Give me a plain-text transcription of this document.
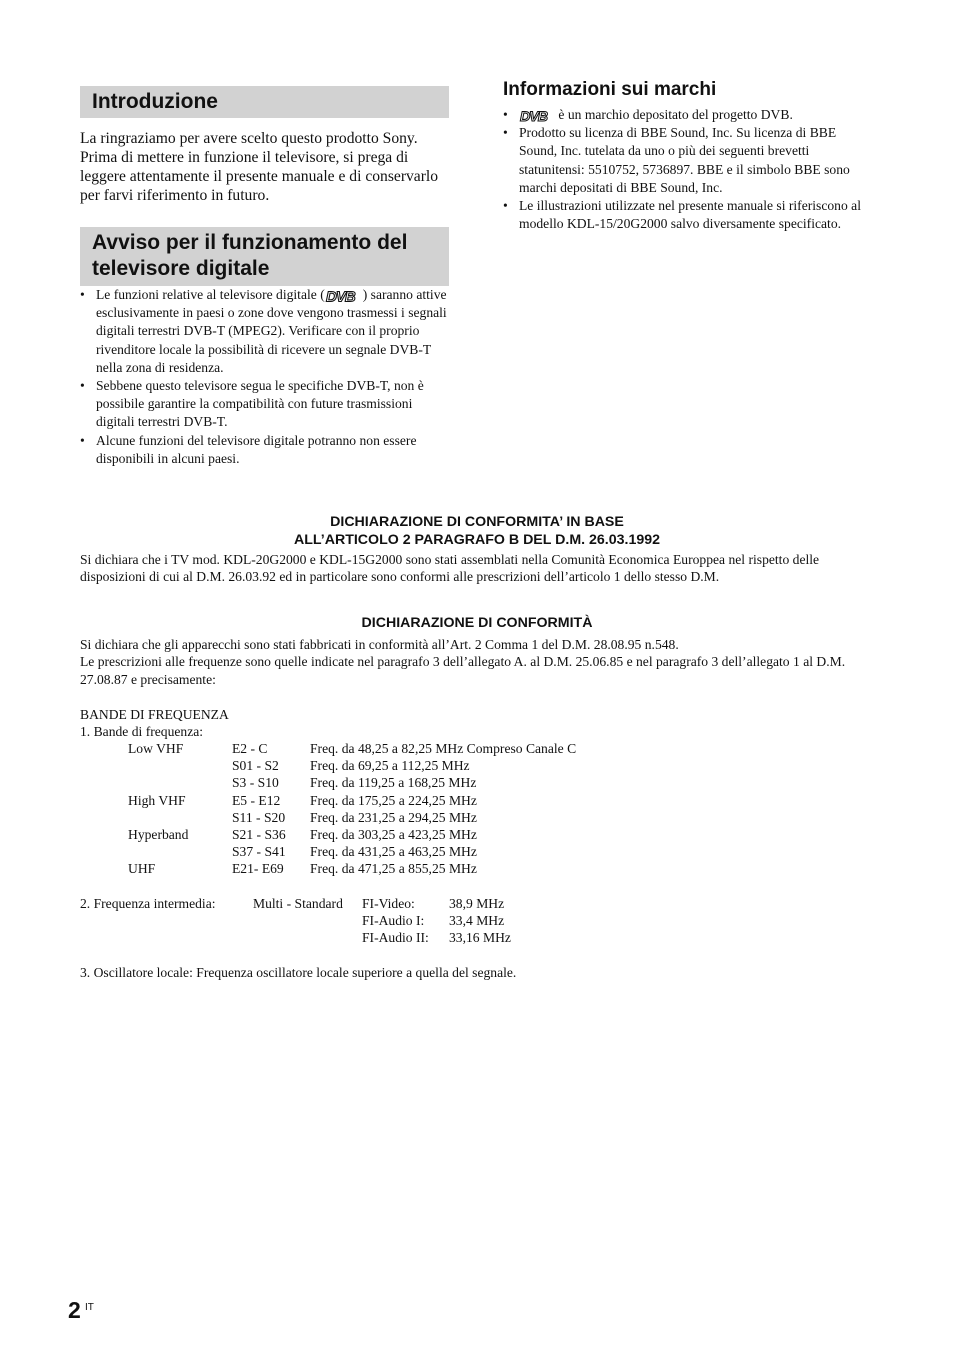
Introduzione

La ringraziamo per avere scelto questo prodotto Sony. Prima di mettere in funzione il televisore, si prega di leggere attentamente il presente manuale e di conservarlo per farvi riferimento in futuro.

Avviso per il funzionamento del
televisore digitale
• Le funzioni relative al televisore digitale ( DVB ) saranno attive esclusivamente in paesi o zone dove vengono trasmessi i segnali digitali terrestri DVB-T (MPEG2). Verificare con il proprio rivenditore locale la possibilità di ricevere un segnale DVB-T nella zona di residenza.
• Sebbene questo televisore segua le specifiche DVB-T, non è possibile garantire la compatibilità con future trasmissioni digitali terrestri DVB-T.
• Alcune funzioni del televisore digitale potranno non essere disponibili in alcuni paesi.
Informazioni sui marchi
• DVB è un marchio depositato del progetto DVB.
• Prodotto su licenza di BBE Sound, Inc. Su licenza di BBE Sound, Inc. tutelata da uno o più dei seguenti brevetti statunitensi: 5510752, 5736897. BBE e il simbolo BBE sono marchi depositati di BBE Sound, Inc.
• Le illustrazioni utilizzate nel presente manuale si riferiscono al modello KDL-15/20G2000 salvo diversamente specificato.
DICHIARAZIONE DI CONFORMITA’ IN BASE
ALL’ARTICOLO 2 PARAGRAFO B DEL D.M. 26.03.1992
Si dichiara che i TV mod. KDL-20G2000 e KDL-15G2000 sono stati assemblati nella Comunità Economica Europpea nel rispetto delle disposizioni di cui al D.M. 26.03.92 ed in particolare sono conformi alle prescrizioni dell’articolo 1 dello stesso D.M.
DICHIARAZIONE DI CONFORMITÀ
Si dichiara che gli apparecchi sono stati fabbricati in conformità all’Art. 2 Comma 1 del D.M. 28.08.95 n.548.
Le prescrizioni alle frequenze sono quelle indicate nel paragrafo 3 dell’allegato A. al D.M. 25.06.85 e nel paragrafo 3 dell’allegato 1 al D.M. 27.08.87 e precisamente:
BANDE DI FREQUENZA
1. Bande di frequenza:
Low VHF	E2 - C	Freq. da 48,25 a 82,25 MHz Compreso Canale C
S01 - S2 Freq. da 69,25 a 112,25 MHz
S3 - S10 Freq. da 119,25 a 168,25 MHz
High VHF	E5 - E12 Freq. da 175,25 a 224,25 MHz
S11 - S20 Freq. da 231,25 a 294,25 MHz
Hyperband	S21 - S36 Freq. da 303,25 a 423,25 MHz
S37 - S41 Freq. da 431,25 a 463,25 MHz
UHF	E21- E69 Freq. da 471,25 a 855,25 MHz
2. Frequenza intermedia:	Multi - Standard FI-Video:	38,9 MHz
FI-Audio I: 33,4 MHz
FI-Audio II: 33,16 MHz
3. Oscillatore locale: Frequenza oscillatore locale superiore a quella del segnale.
2 IT
